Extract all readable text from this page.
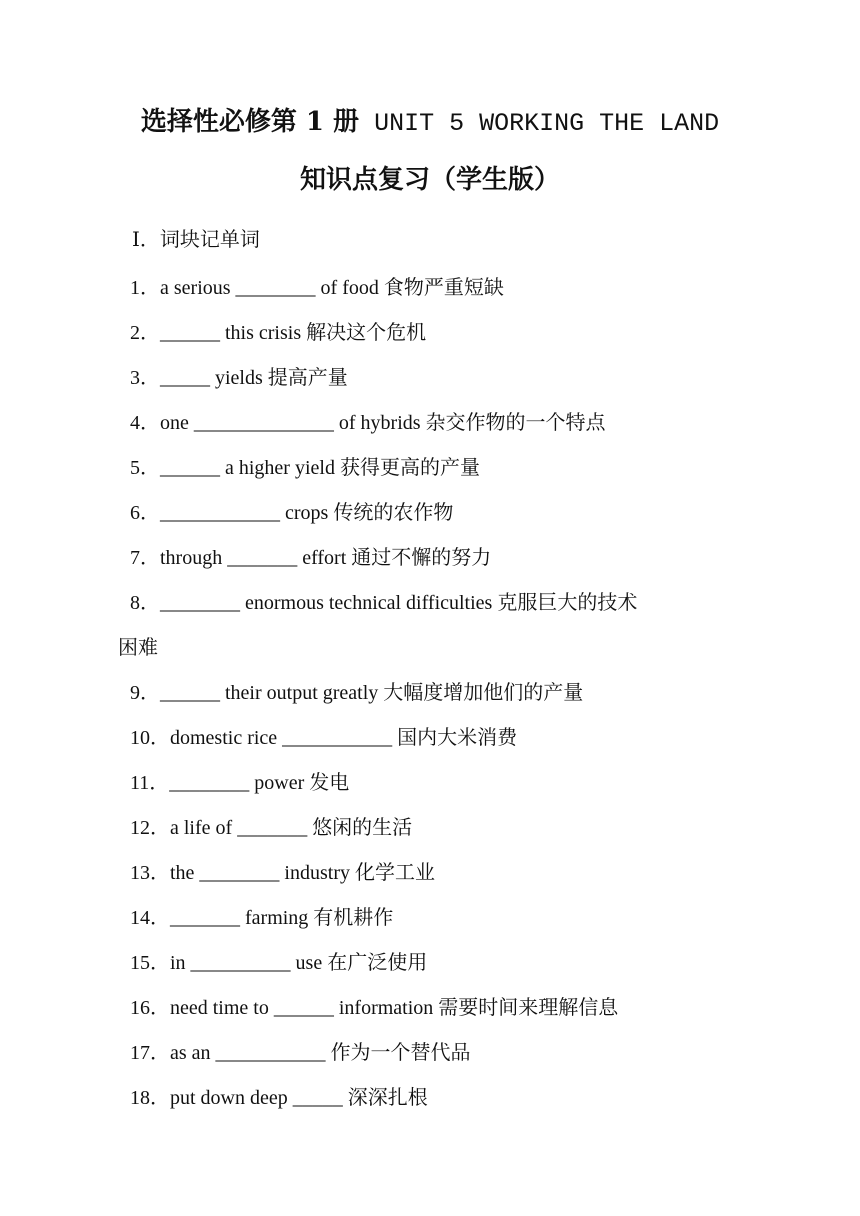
选择性必修第 1 册 UNIT 5 WORKING THE LAND
知识点复习（学生版）
Ⅰ．词块记单词
1．a serious ________ of food 食物严重短缺
2．______ this crisis 解决这个危机
3．_____ yields 提高产量
4．one ______________ of hybrids 杂交作物的一个特点
5．______ a higher yield 获得更高的产量
6．____________ crops 传统的农作物
7．through _______ effort 通过不懈的努力
8．________ enormous technical difficulties 克服巨大的技术
困难
9．______ their output greatly 大幅度增加他们的产量
10．domestic rice ___________ 国内大米消费
11．________ power 发电
12．a life of _______ 悠闲的生活
13．the ________ industry 化学工业
14．_______ farming 有机耕作
15．in __________ use 在广泛使用
16．need time to ______ information 需要时间来理解信息
17．as an ___________ 作为一个替代品
18．put down deep _____ 深深扎根
